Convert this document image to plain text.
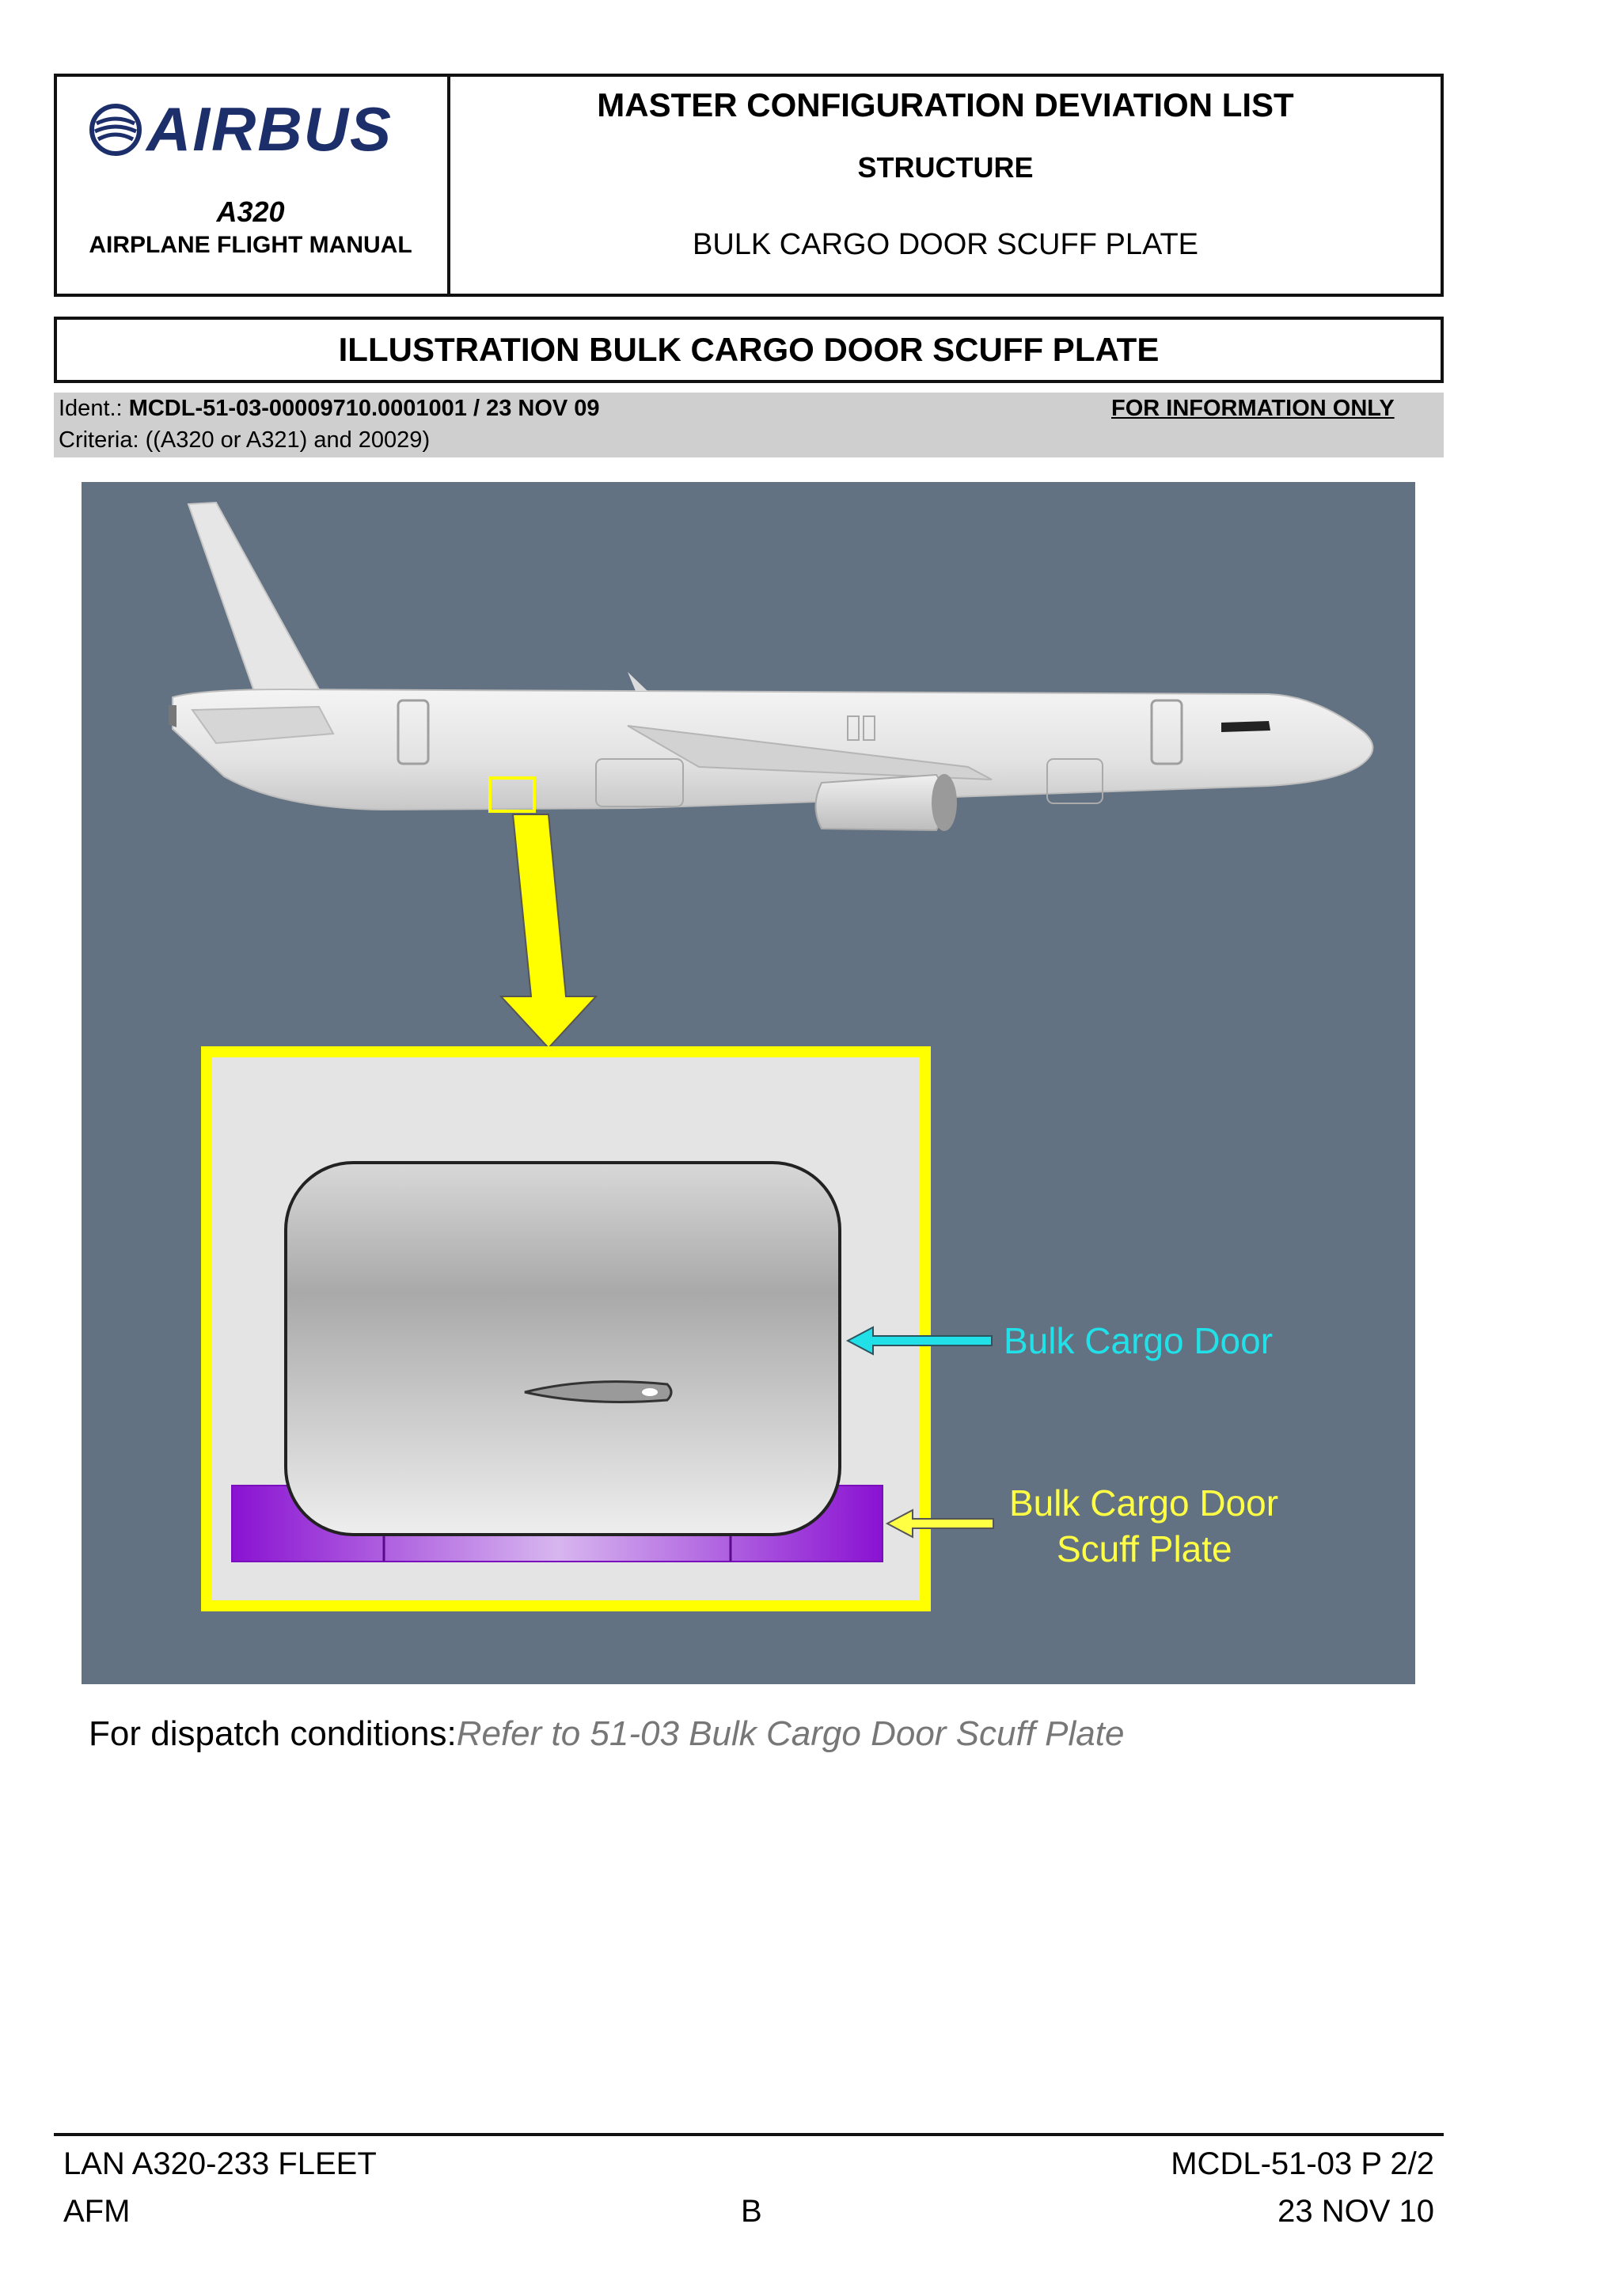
AIRBUS
A320
AIRPLANE FLIGHT MANUAL
MASTER CONFIGURATION DEVIATION LIST
STRUCTURE
BULK CARGO DOOR SCUFF PLATE
ILLUSTRATION BULK CARGO DOOR SCUFF PLATE
Ident.: MCDL-51-03-00009710.0001001 / 23 NOV 09	FOR INFORMATION ONLY
Criteria: ((A320 or A321) and 20029)
Bulk Cargo Door
Bulk Cargo Door
Scuff Plate
For dispatch conditions:Refer to 51-03 Bulk Cargo Door Scuff Plate
LAN A320-233 FLEET
AFM	B
MCDL-51-03 P 2/2
23 NOV 10
